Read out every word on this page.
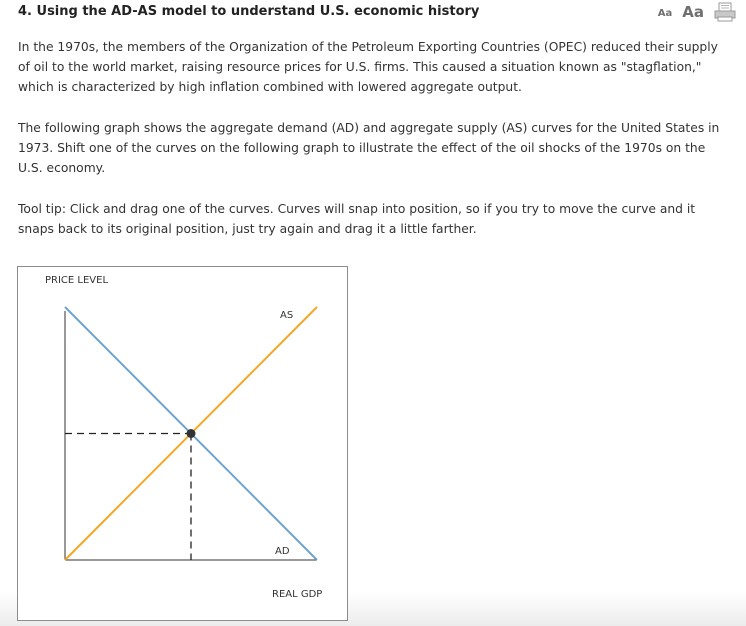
4. Using the AD-AS model to understand U.S. economic history	Aa Aa

In the 1970s, the members of the Organization of the Petroleum Exporting Countries (OPEC) reduced their supply of oil to the world market, raising resource prices for U.S. firms. This caused a situation known as "stagflation," which is characterized by high inflation combined with lowered aggregate output.

The following graph shows the aggregate demand (AD) and aggregate supply (AS) curves for the United States in 1973. Shift one of the curves on the following graph to illustrate the effect of the oil shocks of the 1970s on the U.S. economy.

Tool tip: Click and drag one of the curves. Curves will snap into position, so if you try to move the curve and it snaps back to its original position, just try again and drag it a little farther.

PRICE LEVEL
REAL GDP
AD
AS
